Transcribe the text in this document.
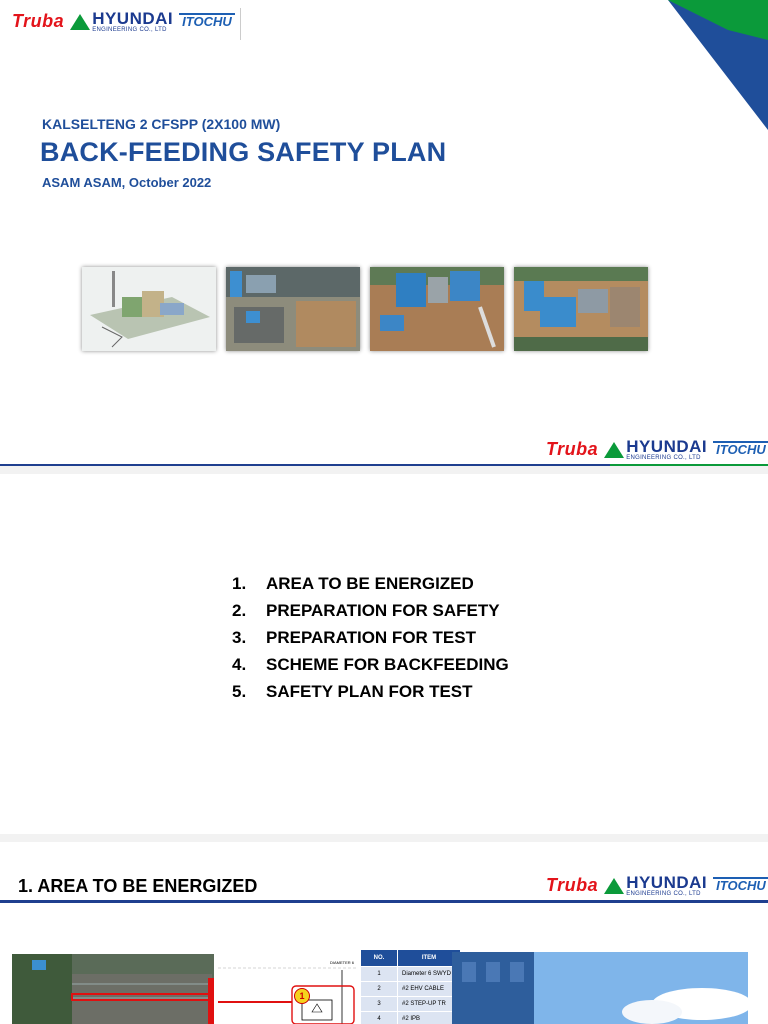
Truba HYUNDAI
ENGINEERING CO., LTD
ITOCHU
KALSELTENG 2 CFSPP (2X100 MW)
BACK-FEEDING SAFETY PLAN
ASAM ASAM, October 2022
Truba HYUNDAI
ENGINEERING CO., LTD
ITOCHU
1.	AREA TO BE ENERGIZED
2.	PREPARATION FOR SAFETY
3.	PREPARATION FOR TEST
4.	SCHEME FOR BACKFEEDING
5.	SAFETY PLAN FOR TEST
1. AREA TO BE ENERGIZED	Truba HYUNDAI
ENGINEERING CO., LTD
ITOCHU
DIAMETER 6
1
NO.	ITEM
1	Diameter 6 SWYD
2	#2 EHV CABLE
3	#2 STEP-UP TR
4	#2 IPB
